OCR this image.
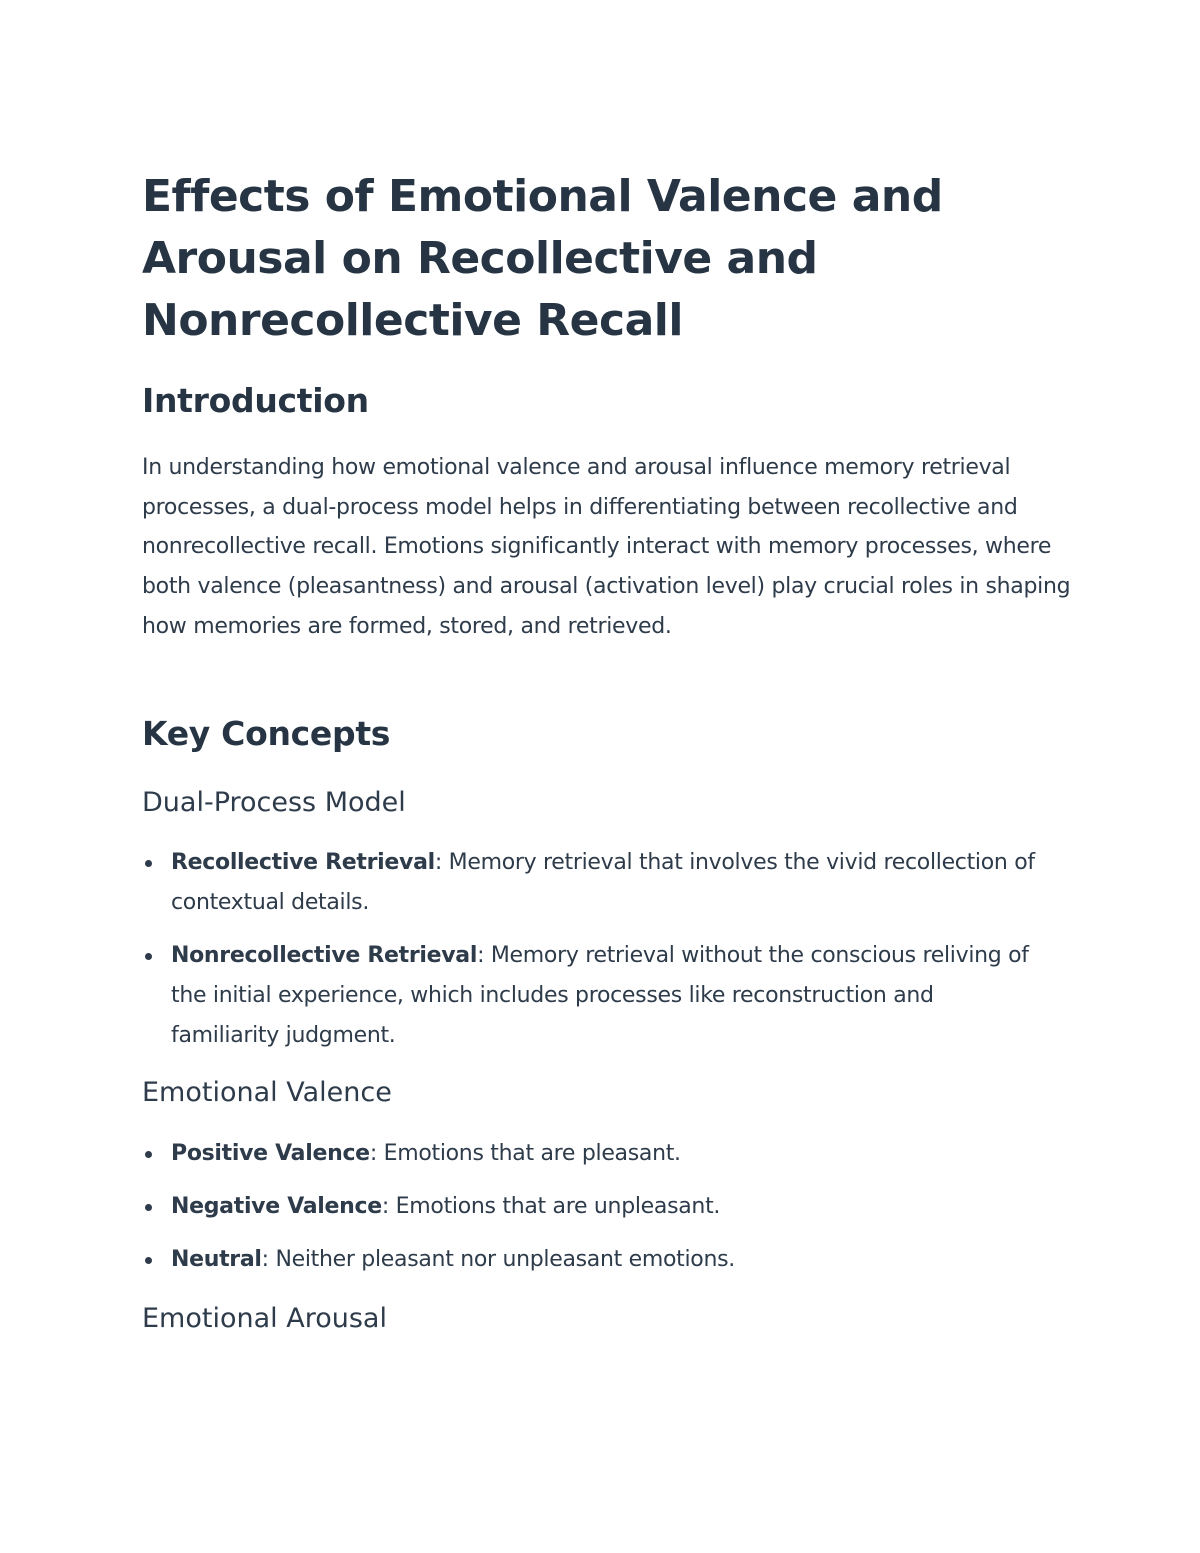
Effects of Emotional Valence and Arousal on Recollective and Nonrecollective Recall
Introduction

In understanding how emotional valence and arousal influence memory retrieval processes, a dual-process model helps in differentiating between recollective and nonrecollective recall. Emotions significantly interact with memory processes, where both valence (pleasantness) and arousal (activation level) play crucial roles in shaping how memories are formed, stored, and retrieved.

Key Concepts
Dual-Process Model
Recollective Retrieval: Memory retrieval that involves the vivid recollection of contextual details.
Nonrecollective Retrieval: Memory retrieval without the conscious reliving of the initial experience, which includes processes like reconstruction and familiarity judgment.
Emotional Valence
Positive Valence: Emotions that are pleasant.
Negative Valence: Emotions that are unpleasant.
Neutral: Neither pleasant nor unpleasant emotions.
Emotional Arousal
